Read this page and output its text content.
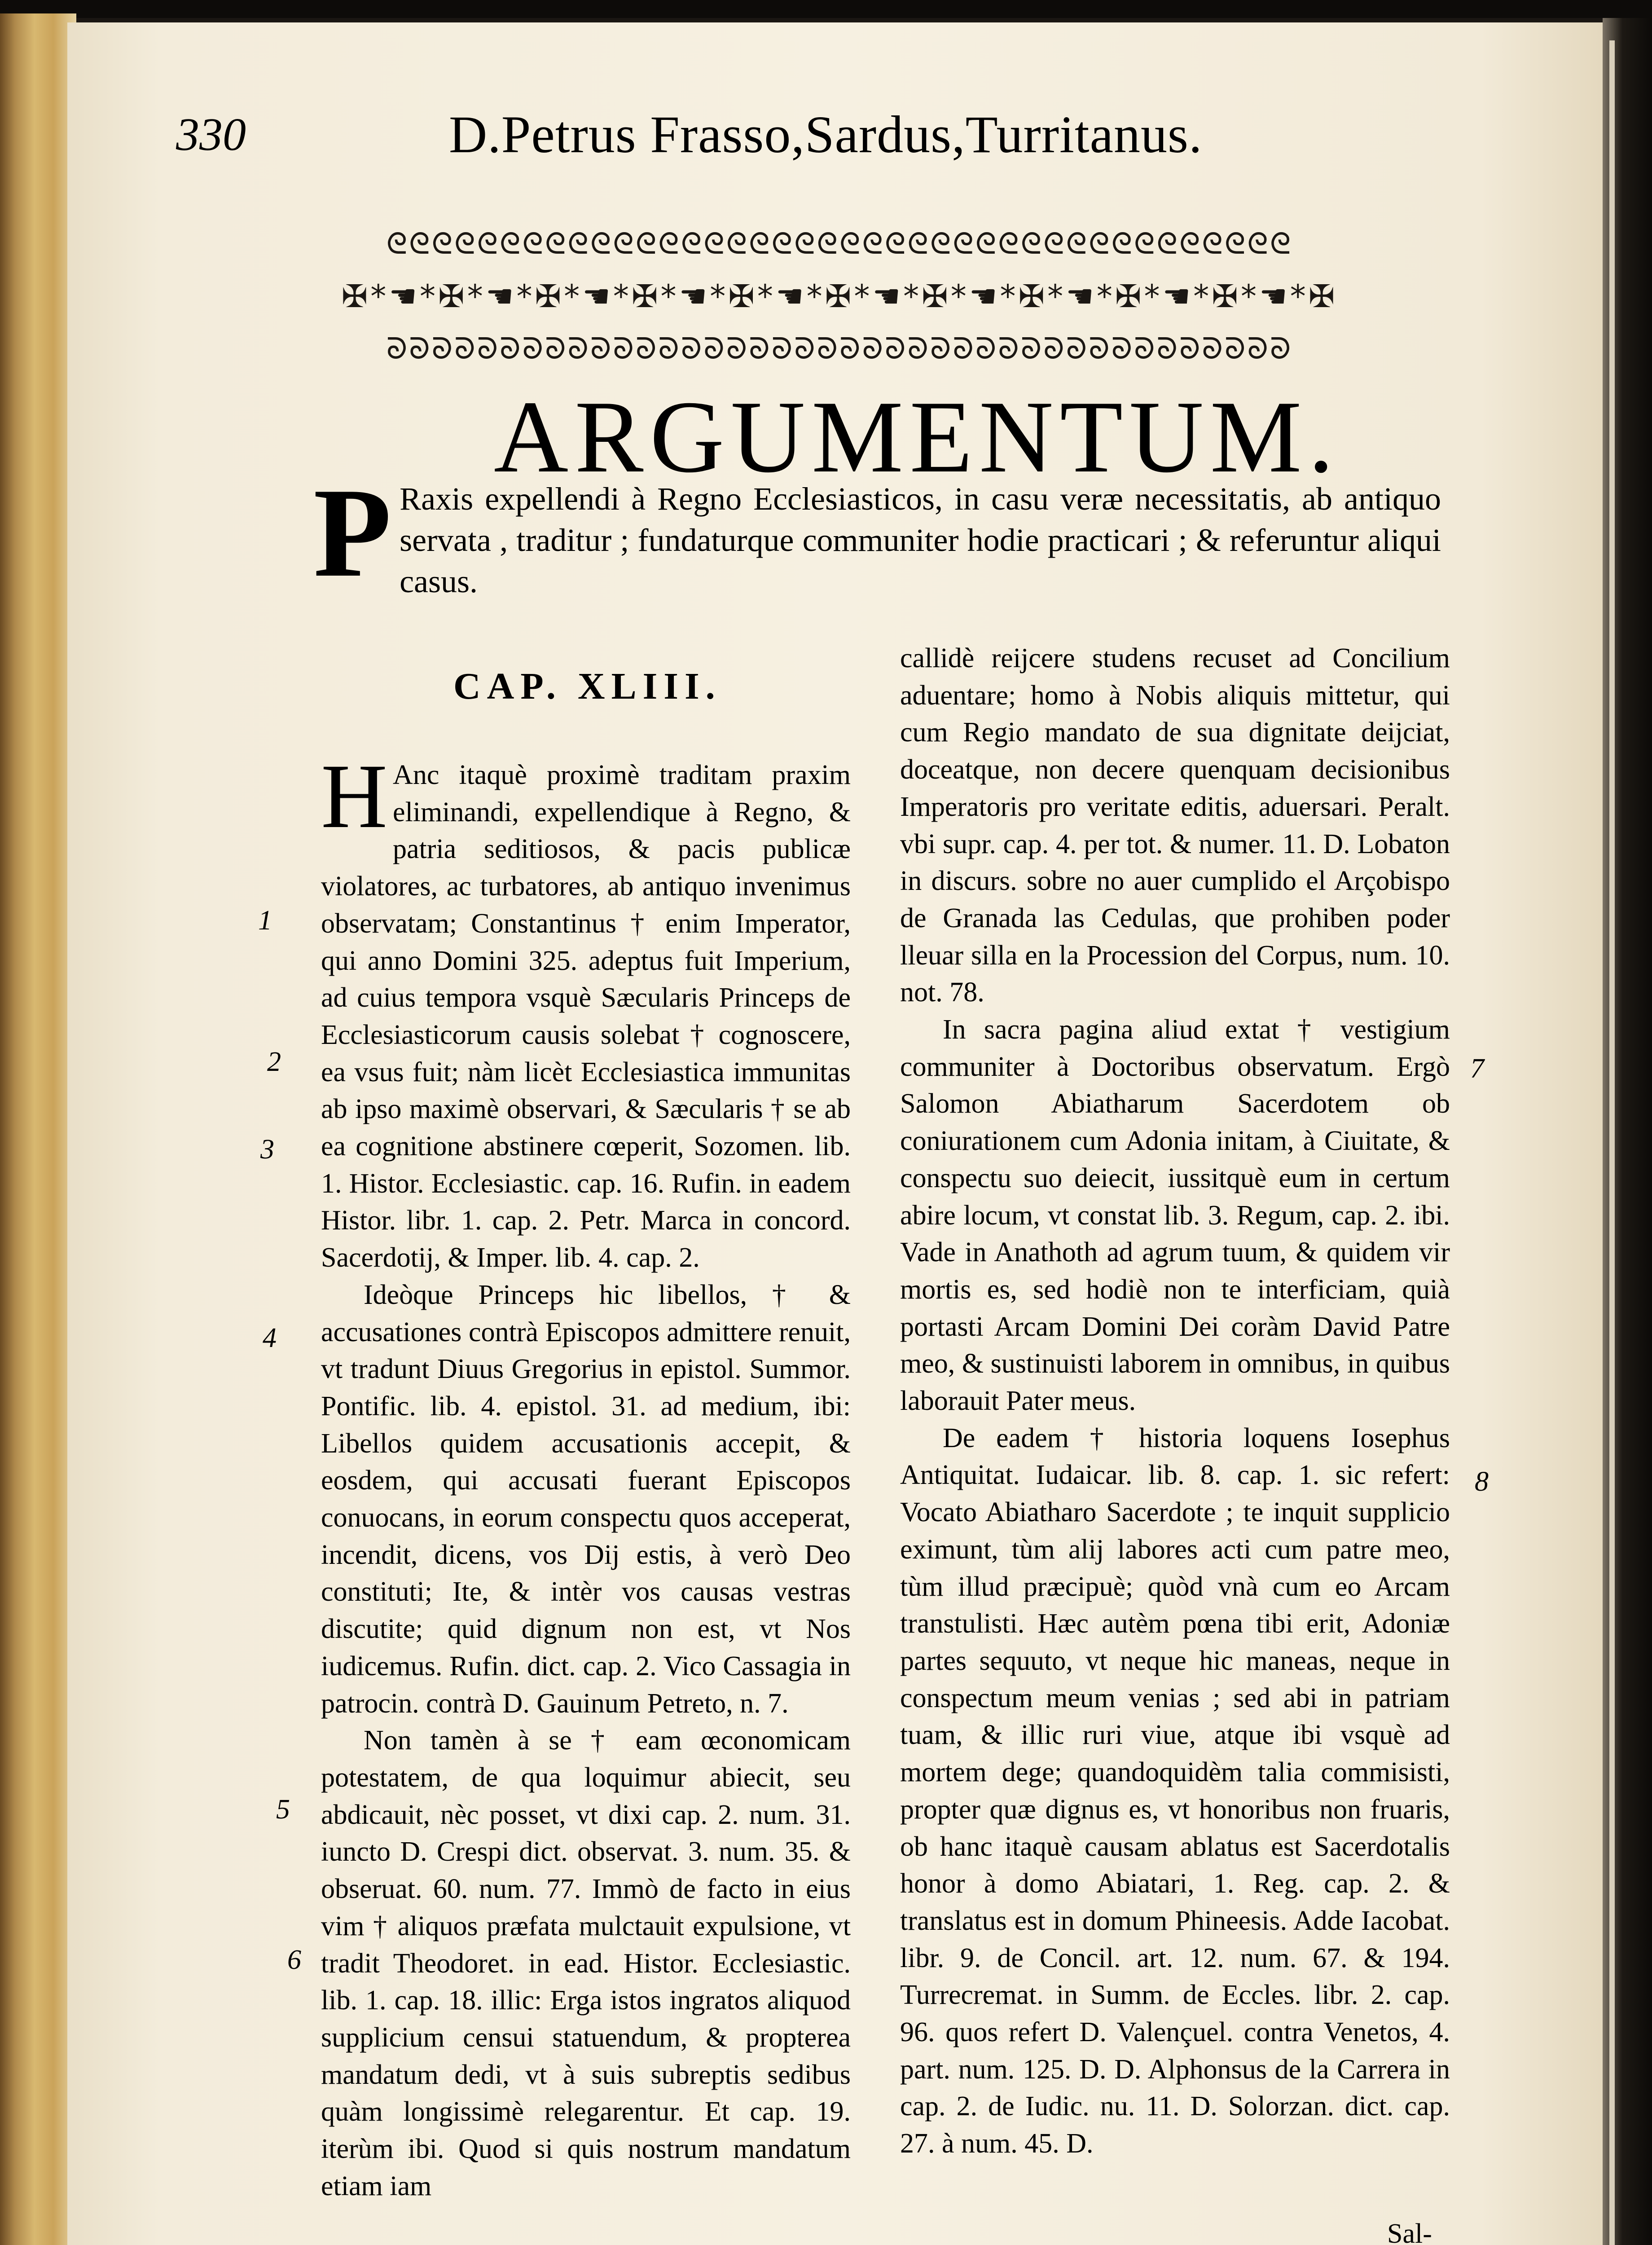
330	D.Petrus Frasso,Sardus,Turritanus.
ᘓᘓᘓᘓᘓᘓᘓᘓᘓᘓᘓᘓᘓᘓᘓᘓᘓᘓᘓᘓᘓᘓᘓᘓᘓᘓᘓᘓᘓᘓᘓᘓᘓᘓᘓᘓᘓᘓᘓᘓ
✠*☚*✠*☚*✠*☚*✠*☚*✠*☚*✠*☚*✠*☚*✠*☚*✠*☚*✠*☚*✠
ᘐᘐᘐᘐᘐᘐᘐᘐᘐᘐᘐᘐᘐᘐᘐᘐᘐᘐᘐᘐᘐᘐᘐᘐᘐᘐᘐᘐᘐᘐᘐᘐᘐᘐᘐᘐᘐᘐᘐᘐ
ARGUMENTUM.
P Raxis expellendi à Regno Ecclesiasticos, in casu veræ necessitatis, ab antiquo servata , traditur ; fundaturque communiter hodie practicari ; & referuntur aliqui casus.
CAP. XLIII.

H Anc itaquè proximè traditam praxim eliminandi, expellendique à Regno, & patria seditiosos, & pacis publicæ violatores, ac turbatores, ab antiquo invenimus observatam; Constantinus † enim Imperator, qui anno Domini 325. adeptus fuit Imperium, ad cuius tempora vsquè Sæcularis Princeps de Ecclesiasticorum causis solebat † cognoscere, ea vsus fuit; nàm licèt Ecclesiastica immunitas ab ipso maximè observari, & Sæcularis † se ab ea cognitione abstinere cœperit, Sozomen. lib. 1. Histor. Ecclesiastic. cap. 16. Rufin. in eadem Histor. libr. 1. cap. 2. Petr. Marca in concord. Sacerdotij, & Imper. lib. 4. cap. 2.

Ideòque Princeps hic libellos, † & accusationes contrà Episcopos admittere renuit, vt tradunt Diuus Gregorius in epistol. Summor. Pontific. lib. 4. epistol. 31. ad medium, ibi: Libellos quidem accusationis accepit, & eosdem, qui accusati fuerant Episcopos conuocans, in eorum conspectu quos acceperat, incendit, dicens, vos Dij estis, à verò Deo constituti; Ite, & intèr vos causas vestras discutite; quid dignum non est, vt Nos iudicemus. Rufin. dict. cap. 2. Vico Cassagia in patrocin. contrà D. Gauinum Petreto, n. 7.

Non tamèn à se † eam œconomicam potestatem, de qua loquimur abiecit, seu abdicauit, nèc posset, vt dixi cap. 2. num. 31. iuncto D. Crespi dict. observat. 3. num. 35. & obseruat. 60. num. 77. Immò de facto in eius vim † aliquos præfata mulctauit expulsione, vt tradit Theodoret. in ead. Histor. Ecclesiastic. lib. 1. cap. 18. illic: Erga istos ingratos aliquod supplicium censui statuendum, & propterea mandatum dedi, vt à suis subreptis sedibus quàm longissimè relegarentur. Et cap. 19. iterùm ibi. Quod si quis nostrum mandatum etiam iam

callidè reijcere studens recuset ad Concilium aduentare; homo à Nobis aliquis mittetur, qui cum Regio mandato de sua dignitate deijciat, doceatque, non decere quenquam decisionibus Imperatoris pro veritate editis, aduersari. Peralt. vbi supr. cap. 4. per tot. & numer. 11. D. Lobaton in discurs. sobre no auer cumplido el Arçobispo de Granada las Cedulas, que prohiben poder lleuar silla en la Procession del Corpus, num. 10. not. 78.

In sacra pagina aliud extat † vestigium communiter à Doctoribus observatum. Ergò Salomon Abiatharum Sacerdotem ob coniurationem cum Adonia initam, à Ciuitate, & conspectu suo deiecit, iussitquè eum in certum abire locum, vt constat lib. 3. Regum, cap. 2. ibi. Vade in Anathoth ad agrum tuum, & quidem vir mortis es, sed hodiè non te interficiam, quià portasti Arcam Domini Dei coràm David Patre meo, & sustinuisti laborem in omnibus, in quibus laborauit Pater meus.

De eadem † historia loquens Iosephus Antiquitat. Iudaicar. lib. 8. cap. 1. sic refert: Vocato Abiatharo Sacerdote ; te inquit supplicio eximunt, tùm alij labores acti cum patre meo, tùm illud præcipuè; quòd vnà cum eo Arcam transtulisti. Hæc autèm pœna tibi erit, Adoniæ partes sequuto, vt neque hic maneas, neque in conspectum meum venias ; sed abi in patriam tuam, & illic ruri viue, atque ibi vsquè ad mortem dege; quandoquidèm talia commisisti, propter quæ dignus es, vt honoribus non fruaris, ob hanc itaquè causam ablatus est Sacerdotalis honor à domo Abiatari, 1. Reg. cap. 2. & translatus est in domum Phineesis. Adde Iacobat. libr. 9. de Concil. art. 12. num. 67. & 194. Turrecremat. in Summ. de Eccles. libr. 2. cap. 96. quos refert D. Valençuel. contra Venetos, 4. part. num. 125. D. D. Alphonsus de la Carrera in cap. 2. de Iudic. nu. 11. D. Solorzan. dict. cap. 27. à num. 45. D.

Sal-
1
2
3
4
5
6
7
8
